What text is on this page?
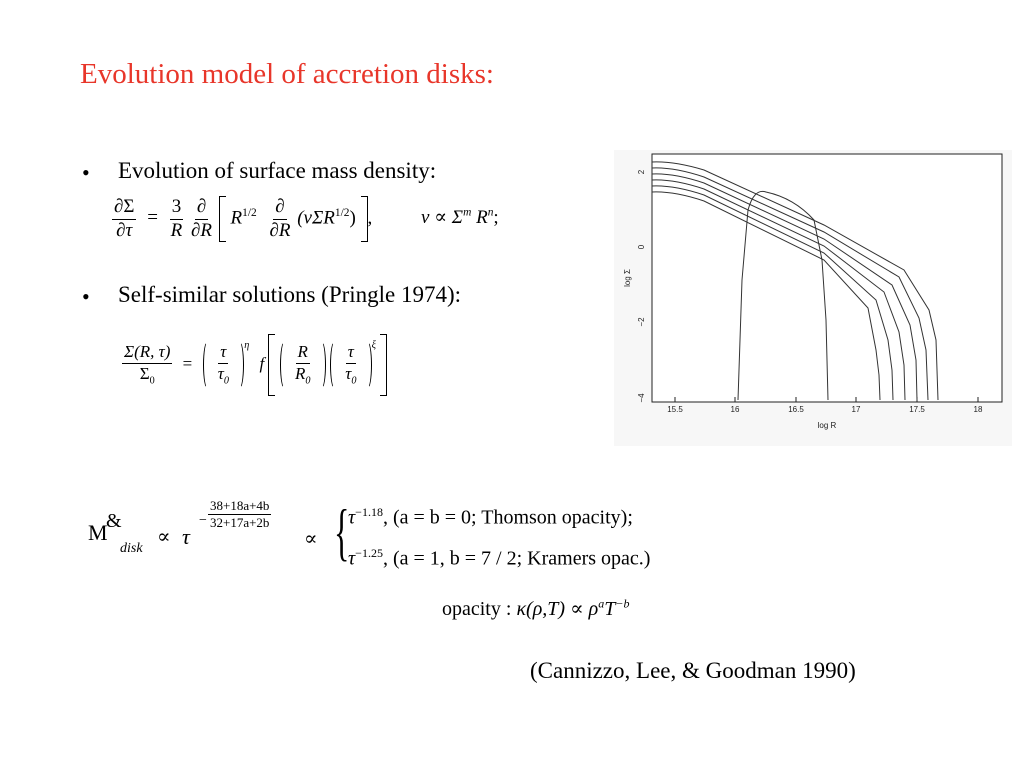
Evolution model of accretion disks:
• Evolution of surface mass density:
$\frac{\partial\Sigma}{\partial\tau} = \frac{3}{R}$
$\frac{\partial}{\partial R} R^{1/2} \frac{\partial}{\partial R} (\nu\Sigma R^{1/2})$ ,	$\nu \propto \Sigma^m$ $R^n$;
• Self-similar solutions (Pringle 1974):
$\frac{\Sigma(R, \tau)}{\Sigma_0} = \frac{\tau}{\tau_0} ^\eta$ f $\frac{R}{R_0}$
$\frac{\tau}{\tau_0} ^\xi$
M
&
disk
∝ τ
− $\frac{38+18a+4b}{32+17a+2b}$
∝ {
$\tau^{-1.18}$, (a = b = 0; Thomson opacity);
$\tau^{-1.25}$, (a = 1, b = 7 / 2; Kramers opac.)
opacity : $\kappa(\rho,T) \propto \rho^aT^{-b}$
(Cannizzo, Lee, & Goodman 1990)
15.5	16	16.5	17	17.5	18
log R
2
0
−2
−4
log Σ
